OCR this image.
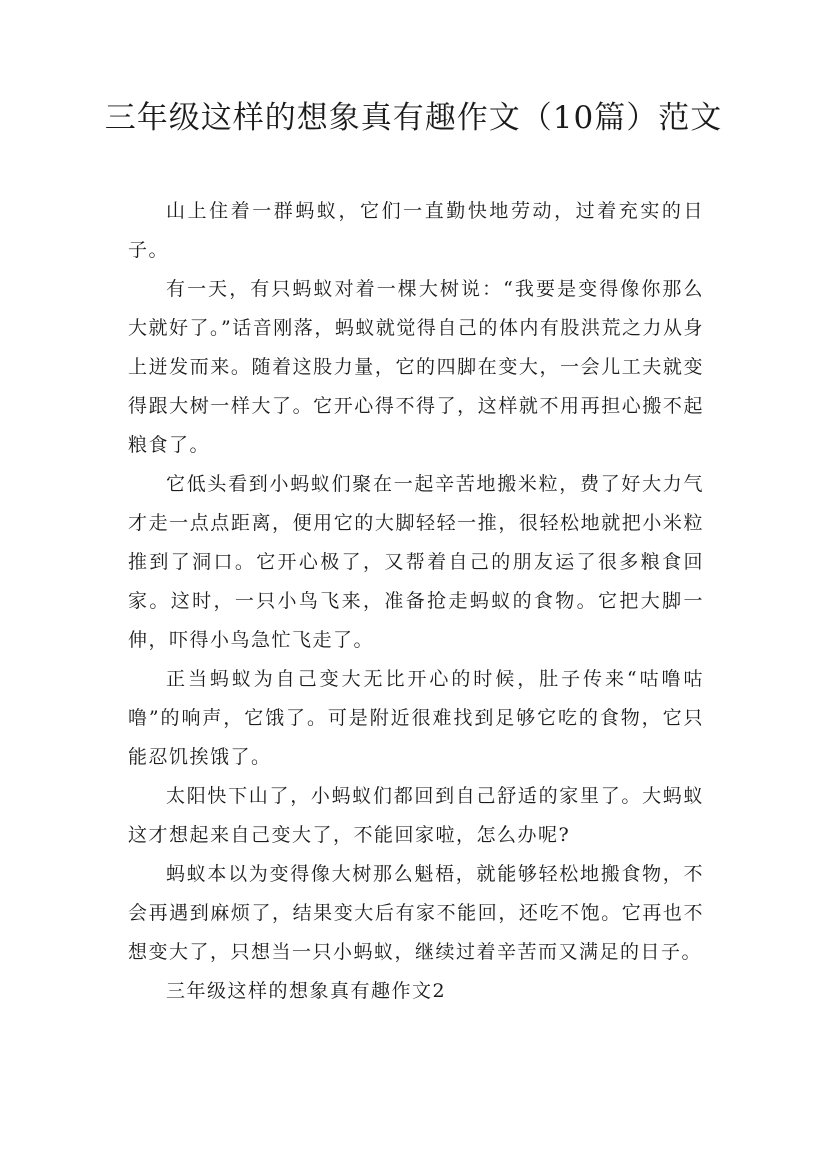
三年级这样的想象真有趣作文（10篇）范文

山上住着一群蚂蚁，它们一直勤快地劳动，过着充实的日子。

有一天，有只蚂蚁对着一棵大树说：“我要是变得像你那么大就好了。”话音刚落，蚂蚁就觉得自己的体内有股洪荒之力从身上迸发而来。随着这股力量，它的四脚在变大，一会儿工夫就变得跟大树一样大了。它开心得不得了，这样就不用再担心搬不起粮食了。

它低头看到小蚂蚁们聚在一起辛苦地搬米粒，费了好大力气才走一点点距离，便用它的大脚轻轻一推，很轻松地就把小米粒推到了洞口。它开心极了，又帮着自己的朋友运了很多粮食回家。这时，一只小鸟飞来，准备抢走蚂蚁的食物。它把大脚一伸，吓得小鸟急忙飞走了。

正当蚂蚁为自己变大无比开心的时候，肚子传来“咕噜咕噜”的响声，它饿了。可是附近很难找到足够它吃的食物，它只能忍饥挨饿了。

太阳快下山了，小蚂蚁们都回到自己舒适的家里了。大蚂蚁这才想起来自己变大了，不能回家啦，怎么办呢?

蚂蚁本以为变得像大树那么魁梧，就能够轻松地搬食物，不会再遇到麻烦了，结果变大后有家不能回，还吃不饱。它再也不想变大了，只想当一只小蚂蚁，继续过着辛苦而又满足的日子。

三年级这样的想象真有趣作文2
